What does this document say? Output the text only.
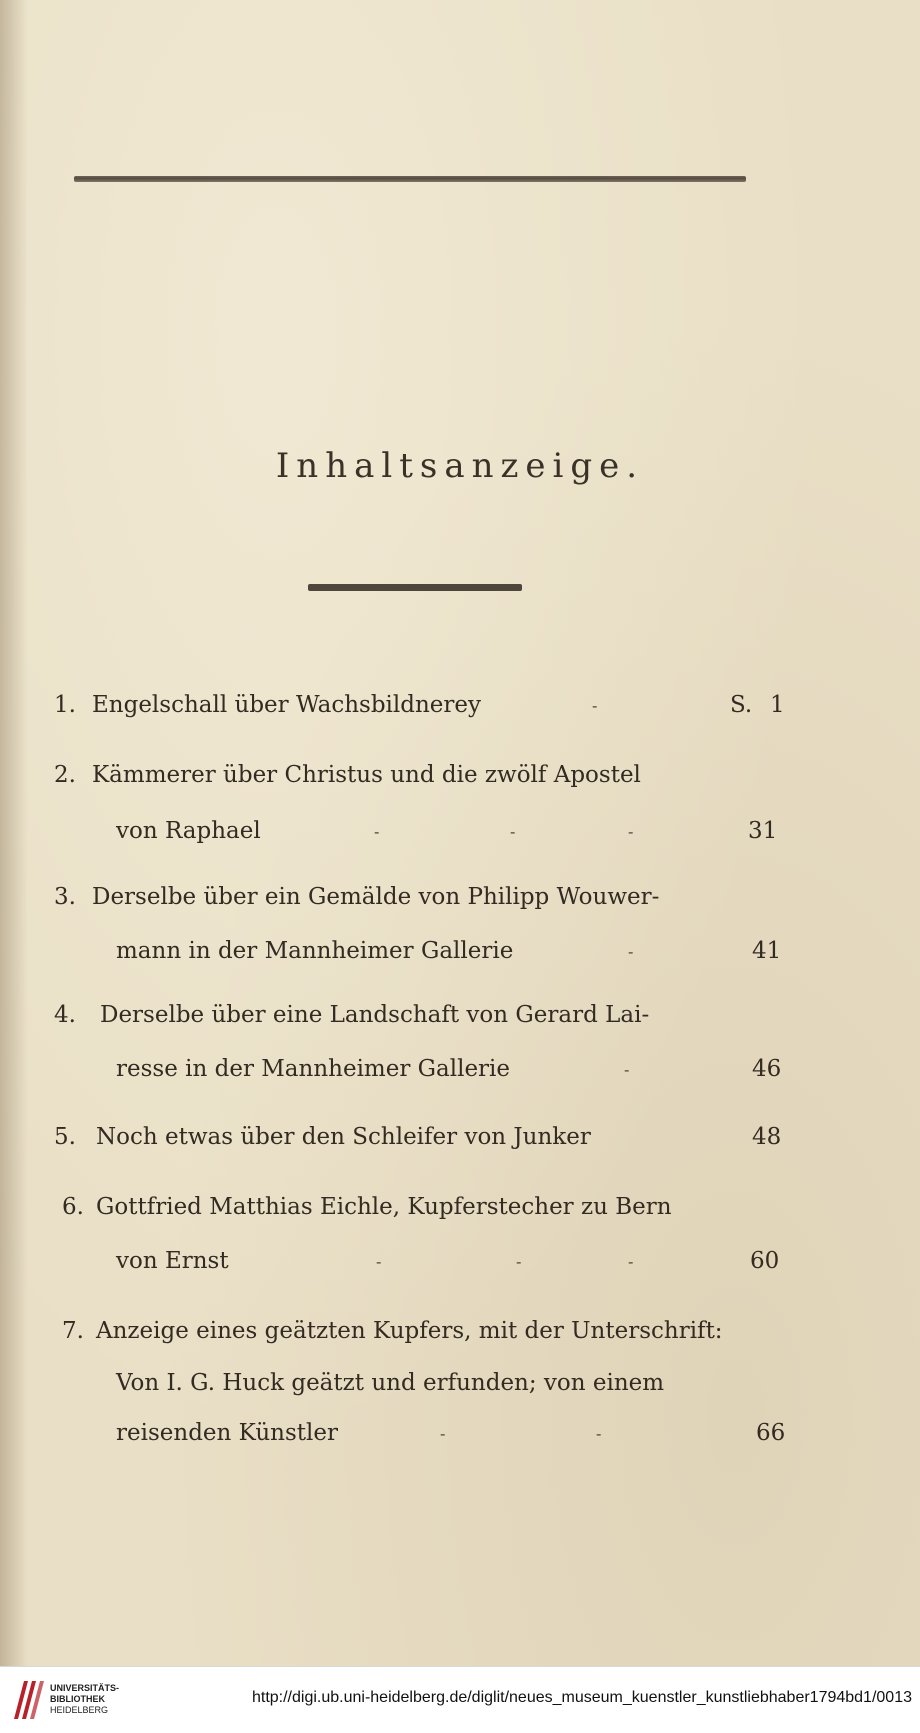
Inhaltsanzeige.
1. Engelschall über Wachsbildnerey	-	S. 1
2. Kämmerer über Christus und die zwölf Apostel
von Raphael	-	-	-	31
3. Derselbe über ein Gemälde von Philipp Wouwer-
mann in der Mannheimer Gallerie	-	41
4. Derselbe über eine Landschaft von Gerard Lai-
resse in der Mannheimer Gallerie	-	46
5. Noch etwas über den Schleifer von Junker	48
6. Gottfried Matthias Eichle, Kupferstecher zu Bern
von Ernst	-	-	-	60
7. Anzeige eines geätzten Kupfers, mit der Unterschrift:
Von I. G. Huck geätzt und erfunden; von einem
reisenden Künstler	-	-	66
UNIVERSITÄTS-
BIBLIOTHEK
HEIDELBERG
http://digi.ub.uni-heidelberg.de/diglit/neues_museum_kuenstler_kunstliebhaber1794bd1/0013
